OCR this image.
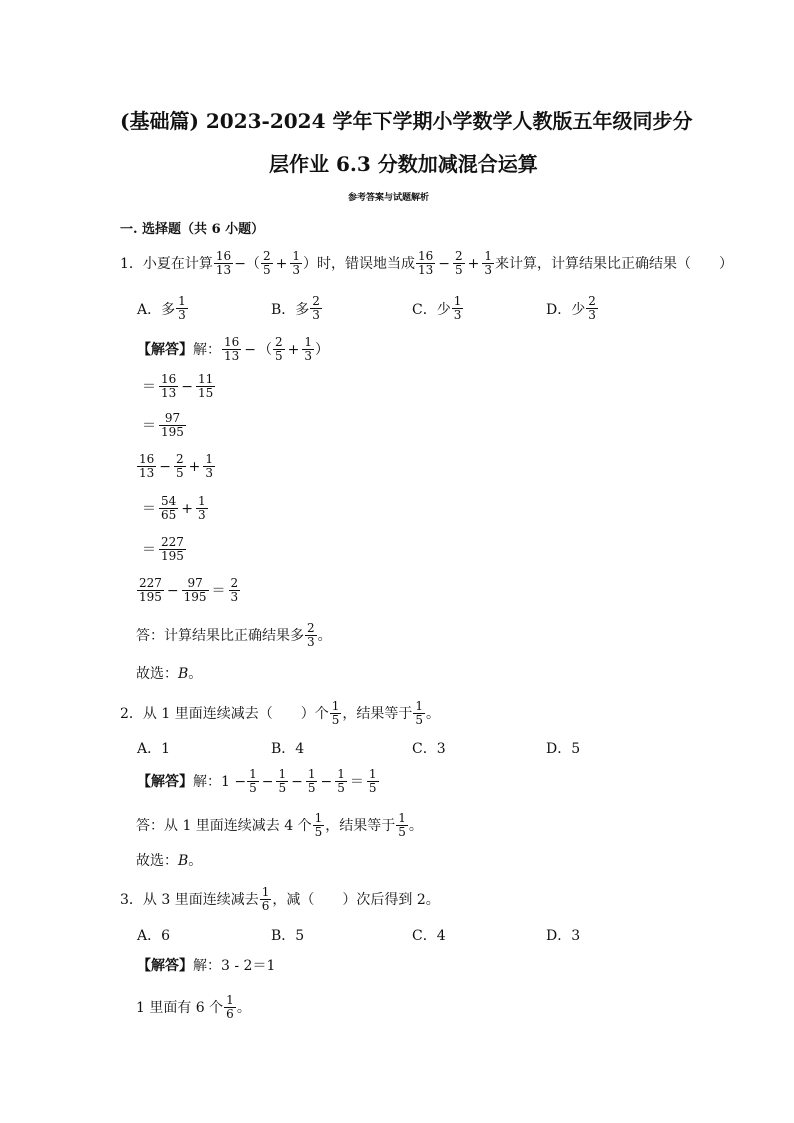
(基础篇) 2023-2024 学年下学期小学数学人教版五年级同步分
层作业 6.3 分数加减混合运算
参考答案与试题解析
一. 选择题（共 6 小题）
1． 小夏在计算 $\frac{16}{13}$ −（ $\frac{2}{5} + \frac{1}{3}$ ）时，错误地当成 $\frac{16}{13} - \frac{2}{5} + \frac{1}{3}$ 来计算，计算结果比正确结果（　　）
A．多 $\frac{1}{3}$	B．多 $\frac{2}{3}$	C．少 $\frac{1}{3}$	D．少 $\frac{2}{3}$
【解答】 解： $\frac{16}{13}$ − （ $\frac{2}{5} + \frac{1}{3}$ ）
＝ $\frac{16}{13} - \frac{11}{15}$
＝ $\frac{97}{195}$
$\frac{16}{13} - \frac{2}{5} + \frac{1}{3}$
＝ $\frac{54}{65} + \frac{1}{3}$
＝ $\frac{227}{195}$
$\frac{227}{195} - \frac{97}{195} = \frac{2}{3}$
答：计算结果比正确结果多 $\frac{2}{3}$ 。
故选：B。
2． 从 1 里面连续减去（　　）个 $\frac{1}{5}$ ，结果等于 $\frac{1}{5}$ 。
A．1	B．4	C．3	D．5
【解答】 解：$1 - \frac{1}{5} - \frac{1}{5} - \frac{1}{5} - \frac{1}{5} = \frac{1}{5}$
答：从 1 里面连续减去 4 个 $\frac{1}{5}$ ，结果等于 $\frac{1}{5}$ 。
故选：B。
3． 从 3 里面连续减去 $\frac{1}{6}$ ，减（　　）次后得到 2。
A．6	B．5	C．4	D．3
【解答】解：3 - 2＝1
1 里面有 6 个 $\frac{1}{6}$ 。
